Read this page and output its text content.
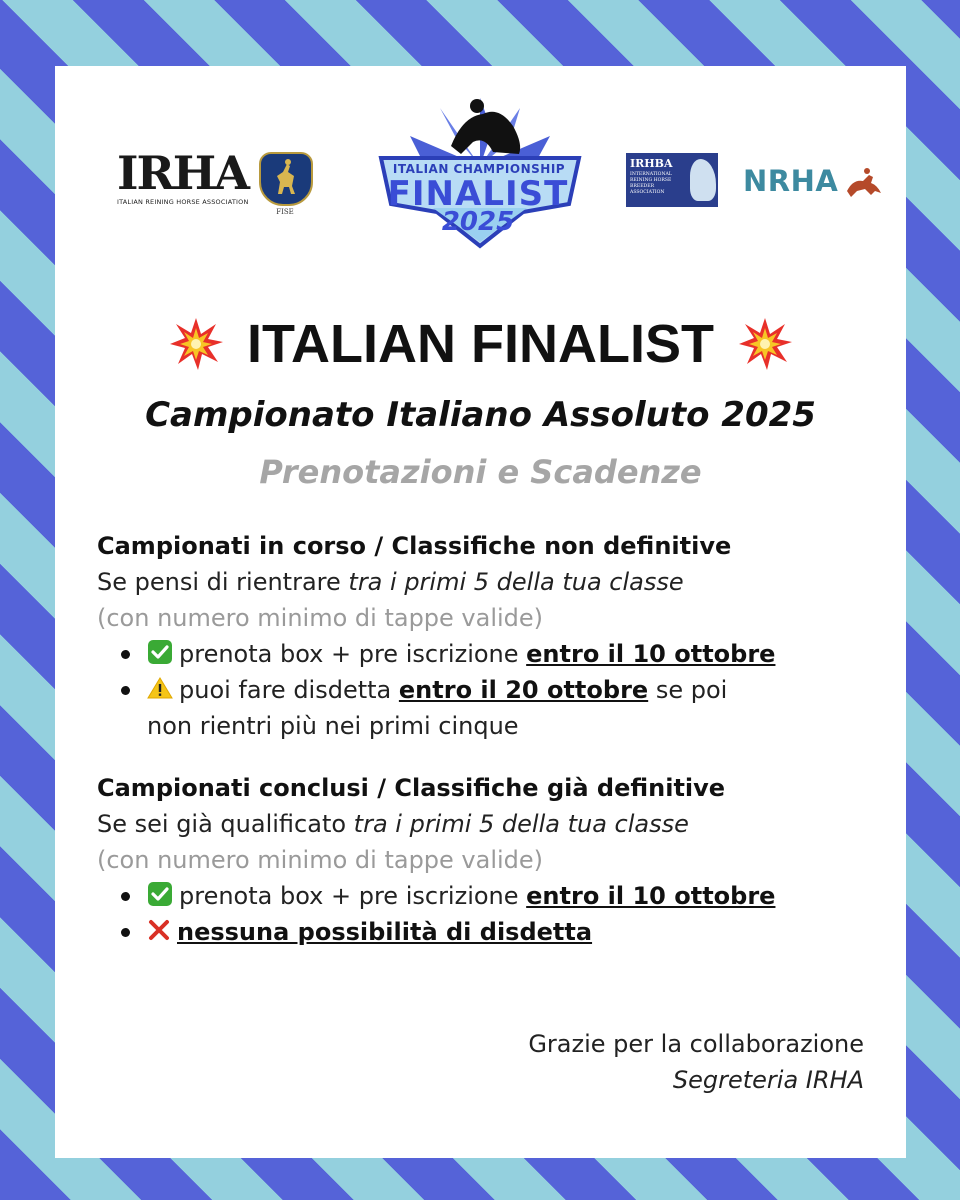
IRHA
ITALIAN REINING HORSE ASSOCIATION
FISE
ITALIAN CHAMPIONSHIP
FINALIST
2025
IRHBA
INTERNATIONAL REINING HORSE BREEDER ASSOCIATION	NRHA
ITALIAN FINALIST
Campionato Italiano Assoluto 2025
Prenotazioni e Scadenze
Campionati in corso / Classifiche non definitive
Se pensi di rientrare tra i primi 5 della tua classe
(con numero minimo di tappe valide)
prenota box + pre iscrizione entro il 10 ottobre
puoi fare disdetta entro il 20 ottobre se poi
non rientri più nei primi cinque
Campionati conclusi / Classifiche già definitive
Se sei già qualificato tra i primi 5 della tua classe
(con numero minimo di tappe valide)
prenota box + pre iscrizione entro il 10 ottobre
nessuna possibilità di disdetta
Grazie per la collaborazione
Segreteria IRHA
